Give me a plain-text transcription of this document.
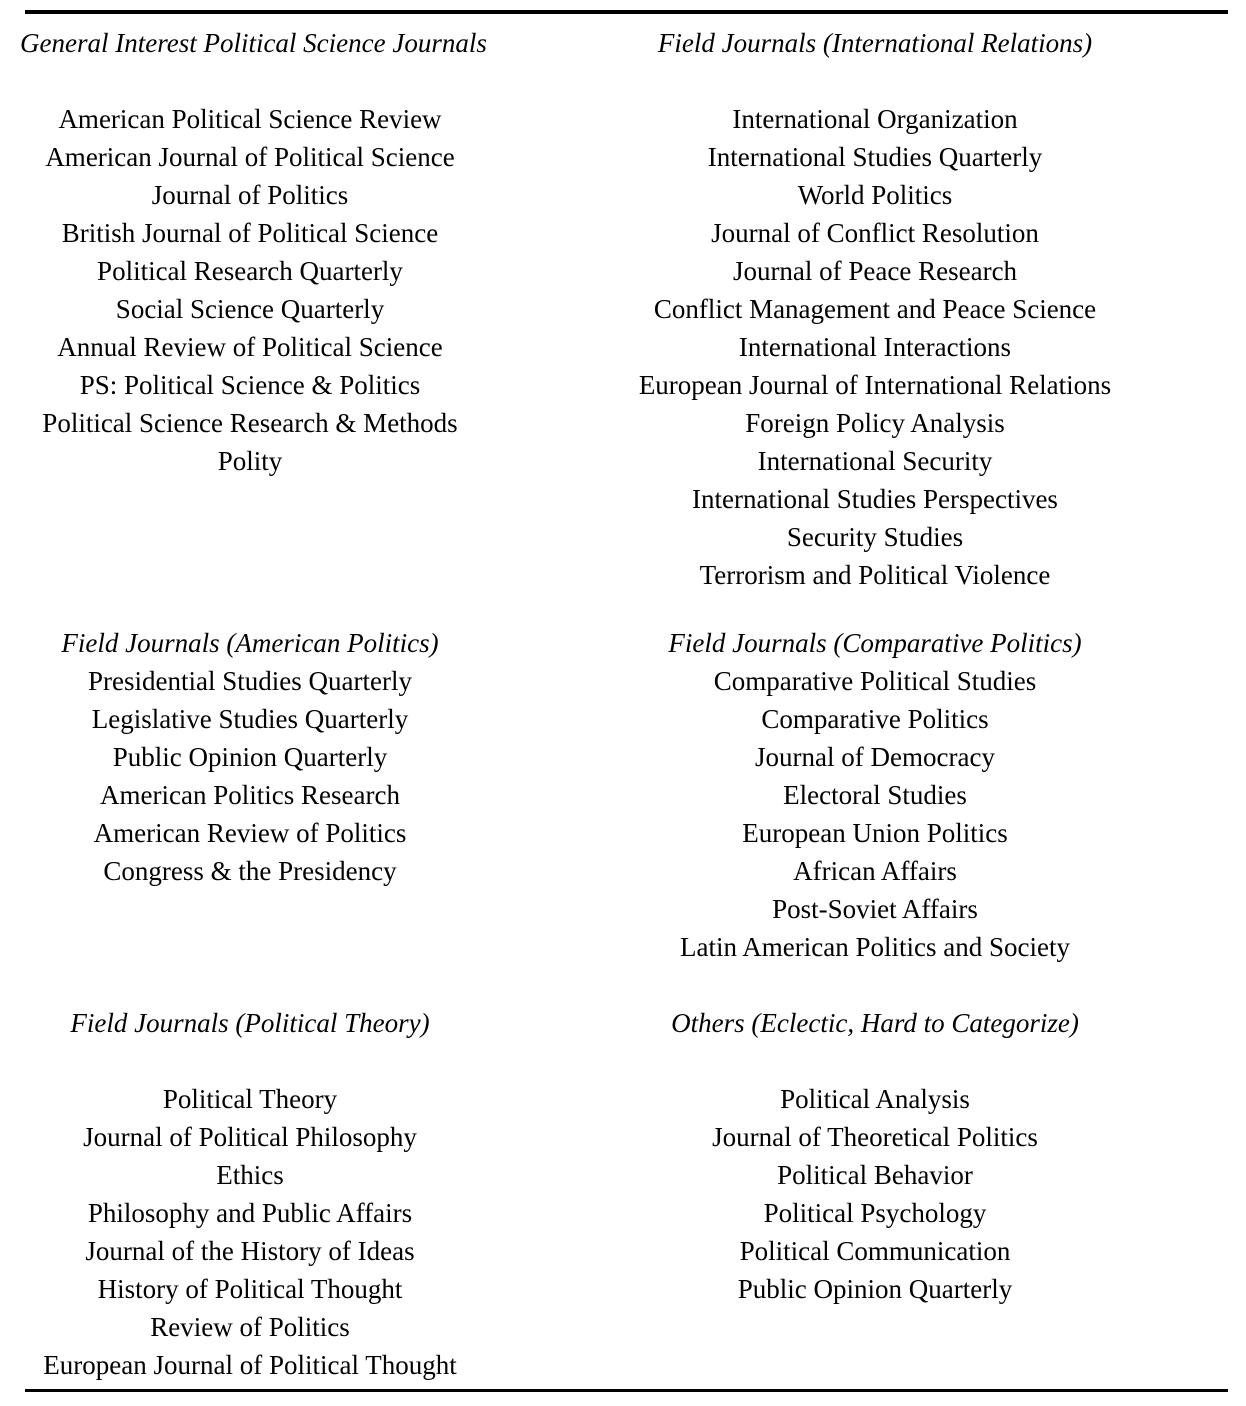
General Interest Political Science Journals
American Political Science Review
American Journal of Political Science
Journal of Politics
British Journal of Political Science
Political Research Quarterly
Social Science Quarterly
Annual Review of Political Science
PS: Political Science & Politics
Political Science Research & Methods
Polity
Field Journals (International Relations)
International Organization
International Studies Quarterly
World Politics
Journal of Conflict Resolution
Journal of Peace Research
Conflict Management and Peace Science
International Interactions
European Journal of International Relations
Foreign Policy Analysis
International Security
International Studies Perspectives
Security Studies
Terrorism and Political Violence
Field Journals (American Politics)
Presidential Studies Quarterly
Legislative Studies Quarterly
Public Opinion Quarterly
American Politics Research
American Review of Politics
Congress & the Presidency
Field Journals (Comparative Politics)
Comparative Political Studies
Comparative Politics
Journal of Democracy
Electoral Studies
European Union Politics
African Affairs
Post-Soviet Affairs
Latin American Politics and Society
Field Journals (Political Theory)
Political Theory
Journal of Political Philosophy
Ethics
Philosophy and Public Affairs
Journal of the History of Ideas
History of Political Thought
Review of Politics
European Journal of Political Thought
Others (Eclectic, Hard to Categorize)
Political Analysis
Journal of Theoretical Politics
Political Behavior
Political Psychology
Political Communication
Public Opinion Quarterly
